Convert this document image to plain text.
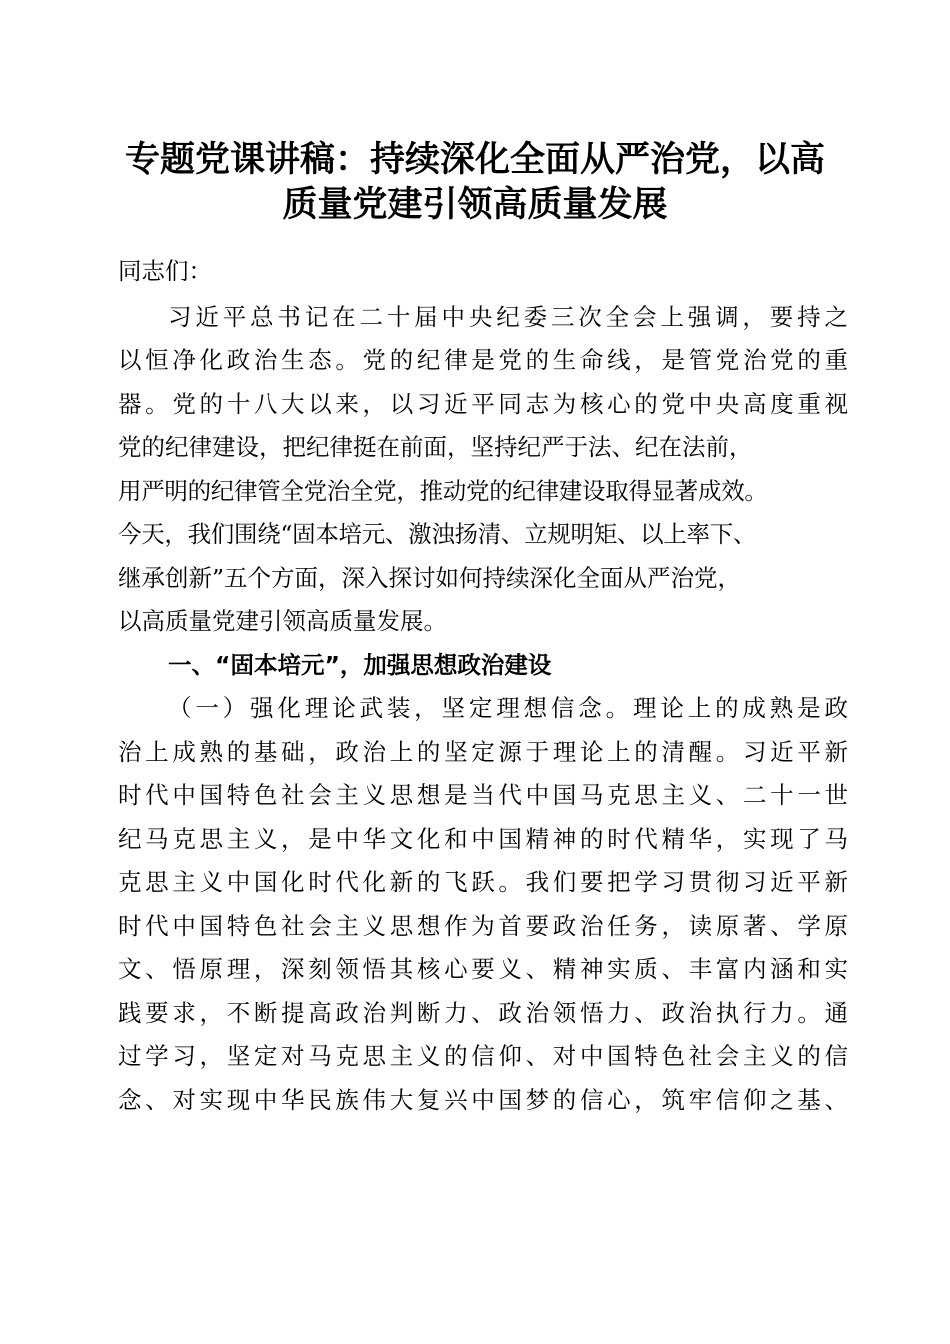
专题党课讲稿：持续深化全面从严治党，以高
质量党建引领高质量发展
同志们：
习近平总书记在二十届中央纪委三次全会上强调，要持之
以恒净化政治生态。党的纪律是党的生命线，是管党治党的重
器。党的十八大以来，以习近平同志为核心的党中央高度重视
党的纪律建设，把纪律挺在前面，坚持纪严于法、纪在法前，
用严明的纪律管全党治全党，推动党的纪律建设取得显著成效。
今天，我们围绕“固本培元、激浊扬清、立规明矩、以上率下、
继承创新”五个方面，深入探讨如何持续深化全面从严治党，
以高质量党建引领高质量发展。
一、“固本培元”，加强思想政治建设
（一）强化理论武装，坚定理想信念。理论上的成熟是政
治上成熟的基础，政治上的坚定源于理论上的清醒。习近平新
时代中国特色社会主义思想是当代中国马克思主义、二十一世
纪马克思主义，是中华文化和中国精神的时代精华，实现了马
克思主义中国化时代化新的飞跃。我们要把学习贯彻习近平新
时代中国特色社会主义思想作为首要政治任务，读原著、学原
文、悟原理，深刻领悟其核心要义、精神实质、丰富内涵和实
践要求，不断提高政治判断力、政治领悟力、政治执行力。通
过学习，坚定对马克思主义的信仰、对中国特色社会主义的信
念、对实现中华民族伟大复兴中国梦的信心，筑牢信仰之基、
